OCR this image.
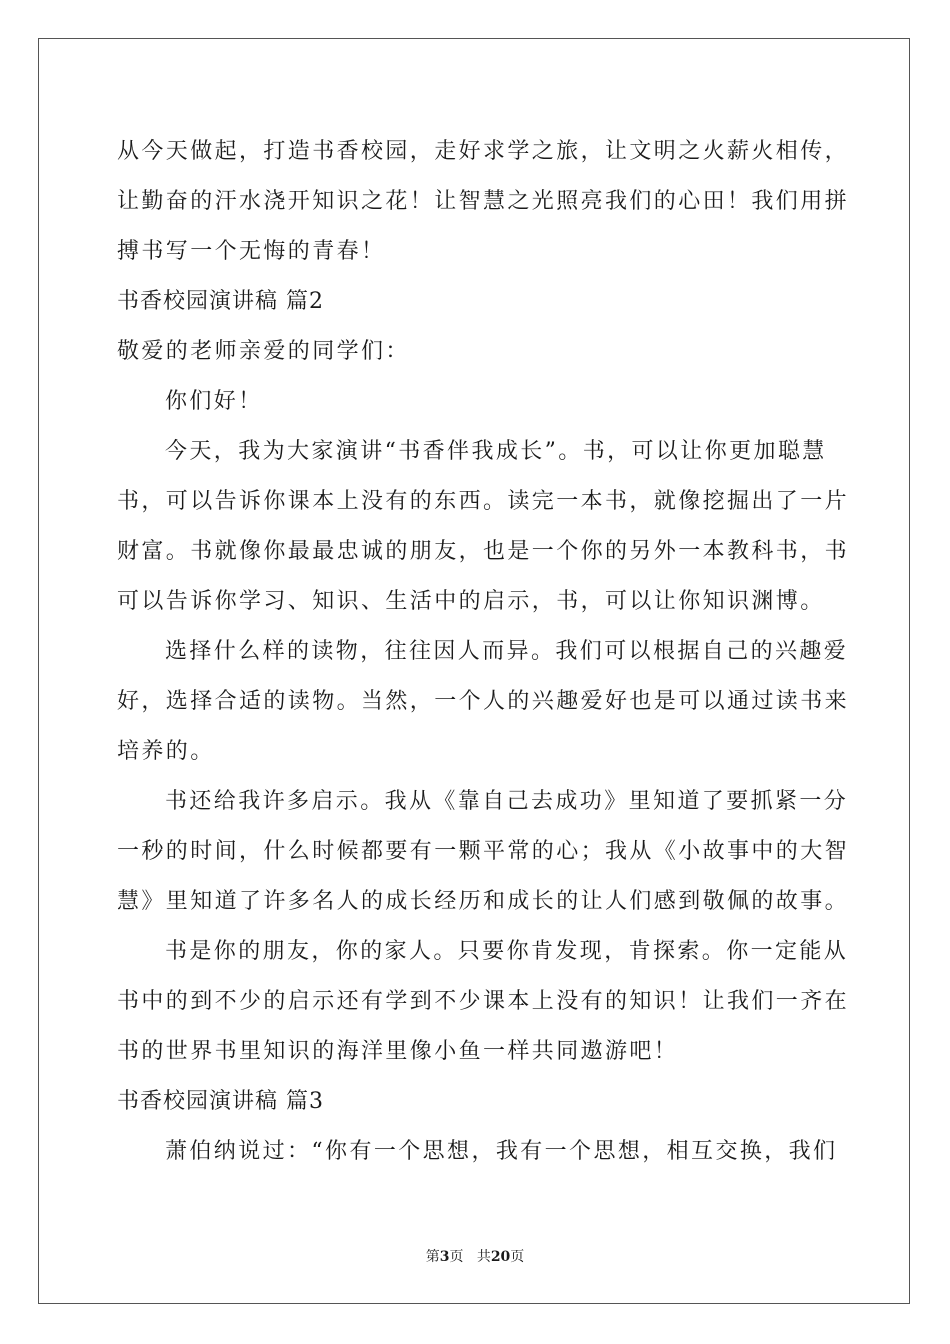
从今天做起，打造书香校园，走好求学之旅，让文明之火薪火相传，
让勤奋的汗水浇开知识之花！让智慧之光照亮我们的心田！我们用拼
搏书写一个无悔的青春！
书香校园演讲稿 篇2
敬爱的老师亲爱的同学们：
你们好！
今天，我为大家演讲“书香伴我成长”。书，可以让你更加聪慧
书，可以告诉你课本上没有的东西。读完一本书，就像挖掘出了一片
财富。书就像你最最忠诚的朋友，也是一个你的另外一本教科书，书
可以告诉你学习、知识、生活中的启示，书，可以让你知识渊博。
选择什么样的读物，往往因人而异。我们可以根据自己的兴趣爱
好，选择合适的读物。当然，一个人的兴趣爱好也是可以通过读书来
培养的。
书还给我许多启示。我从《靠自己去成功》里知道了要抓紧一分
一秒的时间，什么时候都要有一颗平常的心；我从《小故事中的大智
慧》里知道了许多名人的成长经历和成长的让人们感到敬佩的故事。
书是你的朋友，你的家人。只要你肯发现，肯探索。你一定能从
书中的到不少的启示还有学到不少课本上没有的知识！让我们一齐在
书的世界书里知识的海洋里像小鱼一样共同遨游吧！
书香校园演讲稿 篇3
萧伯纳说过：“你有一个思想，我有一个思想，相互交换，我们
第3页 共20页
